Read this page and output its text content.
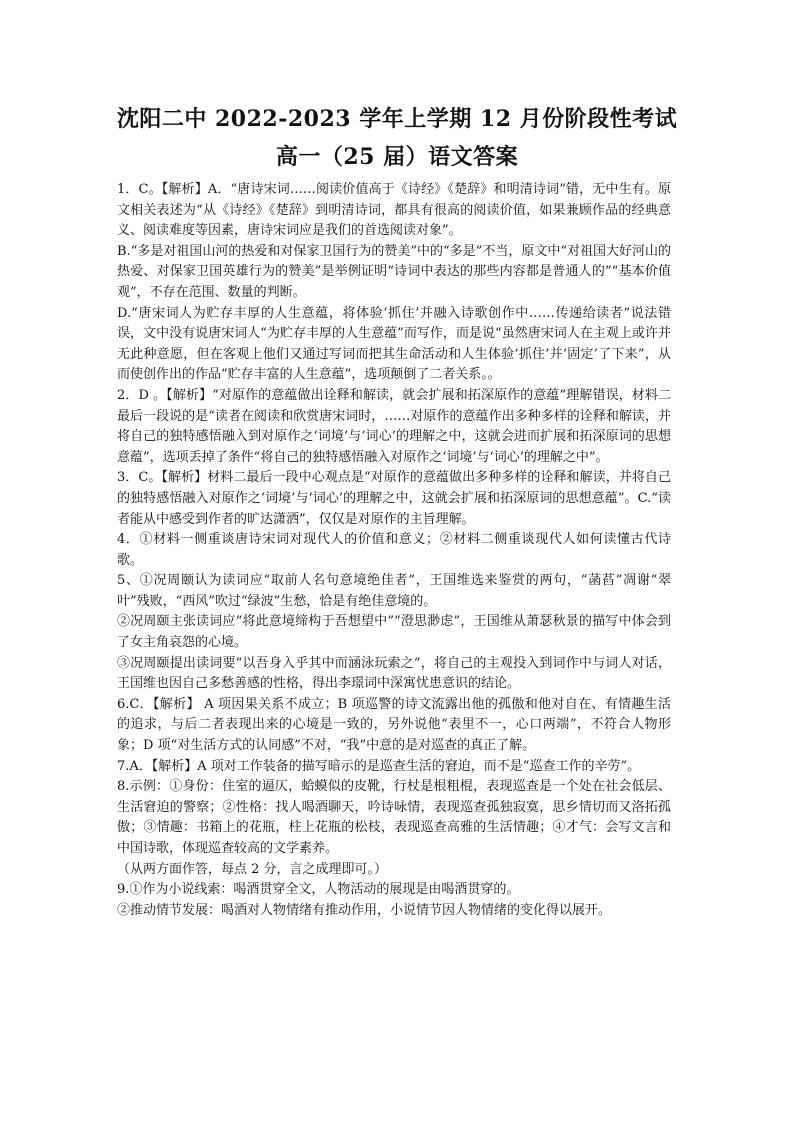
沈阳二中 2022-2023 学年上学期 12 月份阶段性考试
高一（25 届）语文答案

1．C。【解析】A．“唐诗宋词……阅读价值高于《诗经》《楚辞》和明清诗词”错，无中生有。原文相关表述为“从《诗经》《楚辞》到明清诗词，都具有很高的阅读价值，如果兼顾作品的经典意义、阅读难度等因素，唐诗宋词应是我们的首选阅读对象”。

B.“多是对祖国山河的热爱和对保家卫国行为的赞美”中的“多是”不当，原文中“对祖国大好河山的热爱、对保家卫国英雄行为的赞美”是举例证明“诗词中表达的那些内容都是普通人的”“基本价值观”，不存在范围、数量的判断。

D.“唐宋词人为贮存丰厚的人生意蕴，将体验‘抓住’并融入诗歌创作中……传递给读者”说法错误，文中没有说唐宋词人“为贮存丰厚的人生意蕴”而写作，而是说“虽然唐宋词人在主观上或许并无此种意愿，但在客观上他们又通过写词而把其生命活动和人生体验‘抓住’并‘固定’了下来”，从而使创作出的作品“贮存丰富的人生意蕴”，选项颠倒了二者关系。。

2．D 。【解析】“对原作的意蕴做出诠释和解读，就会扩展和拓深原作的意蕴”理解错误，材料二最后一段说的是“读者在阅读和欣赏唐宋词时，……对原作的意蕴作出多种多样的诠释和解读，并将自己的独特感悟融入到对原作之‘词境’与‘词心’的理解之中，这就会进而扩展和拓深原词的思想意蕴”，选项丢掉了条件“将自己的独特感悟融入对原作之‘词境’与‘词心’的理解之中”。

3．C。【解析】材料二最后一段中心观点是“对原作的意蕴做出多种多样的诠释和解读，并将自己的独特感悟融入对原作之‘词境’与‘词心’的理解之中，这就会扩展和拓深原词的思想意蕴”。C.“读者能从中感受到作者的旷达潇洒”，仅仅是对原作的主旨理解。

4．①材料一侧重谈唐诗宋词对现代人的价值和意义；②材料二侧重谈现代人如何读懂古代诗歌。

5、①况周颐认为读词应“取前人名句意境绝佳者”，王国维选来鉴赏的两句，“菡萏”凋谢“翠叶”残败，“西风”吹过“绿波”生愁，恰是有绝佳意境的。

②况周颐主张读词应“将此意境缔构于吾想望中”“澄思渺虑”，王国维从萧瑟秋景的描写中体会到了女主角哀怨的心境。

③况周颐提出读词要“以吾身入乎其中而涵泳玩索之”，将自己的主观投入到词作中与词人对话，王国维也因自己多愁善感的性格，得出李璟词中深寓忧患意识的结论。

6.C．【解析】 A 项因果关系不成立；B 项巡警的诗文流露出他的孤傲和他对自在、有情趣生活的追求，与后二者表现出来的心境是一致的，另外说他“表里不一，心口两端”，不符合人物形象；D 项“对生活方式的认同感”不对，“我”中意的是对巡查的真正了解。

7.A．【解析】A 项对工作装备的描写暗示的是巡查生活的窘迫，而不是“巡查工作的辛劳”。

8.示例：①身份：住室的逼仄，蛤蟆似的皮靴，行杖是根粗棍，表现巡查是一个处在社会低层、生活窘迫的警察；②性格：找人喝酒聊天，吟诗咏情，表现巡查孤独寂寞，思乡情切而又洛拓孤傲；③情趣：书箱上的花瓶，柱上花瓶的松枝，表现巡查高雅的生活情趣；④才气：会写文言和中国诗歌，体现巡查较高的文学素养。

（从两方面作答，每点 2 分，言之成理即可。）

9.①作为小说线索：喝酒贯穿全文，人物活动的展现是由喝酒贯穿的。

②推动情节发展：喝酒对人物情绪有推动作用，小说情节因人物情绪的变化得以展开。
